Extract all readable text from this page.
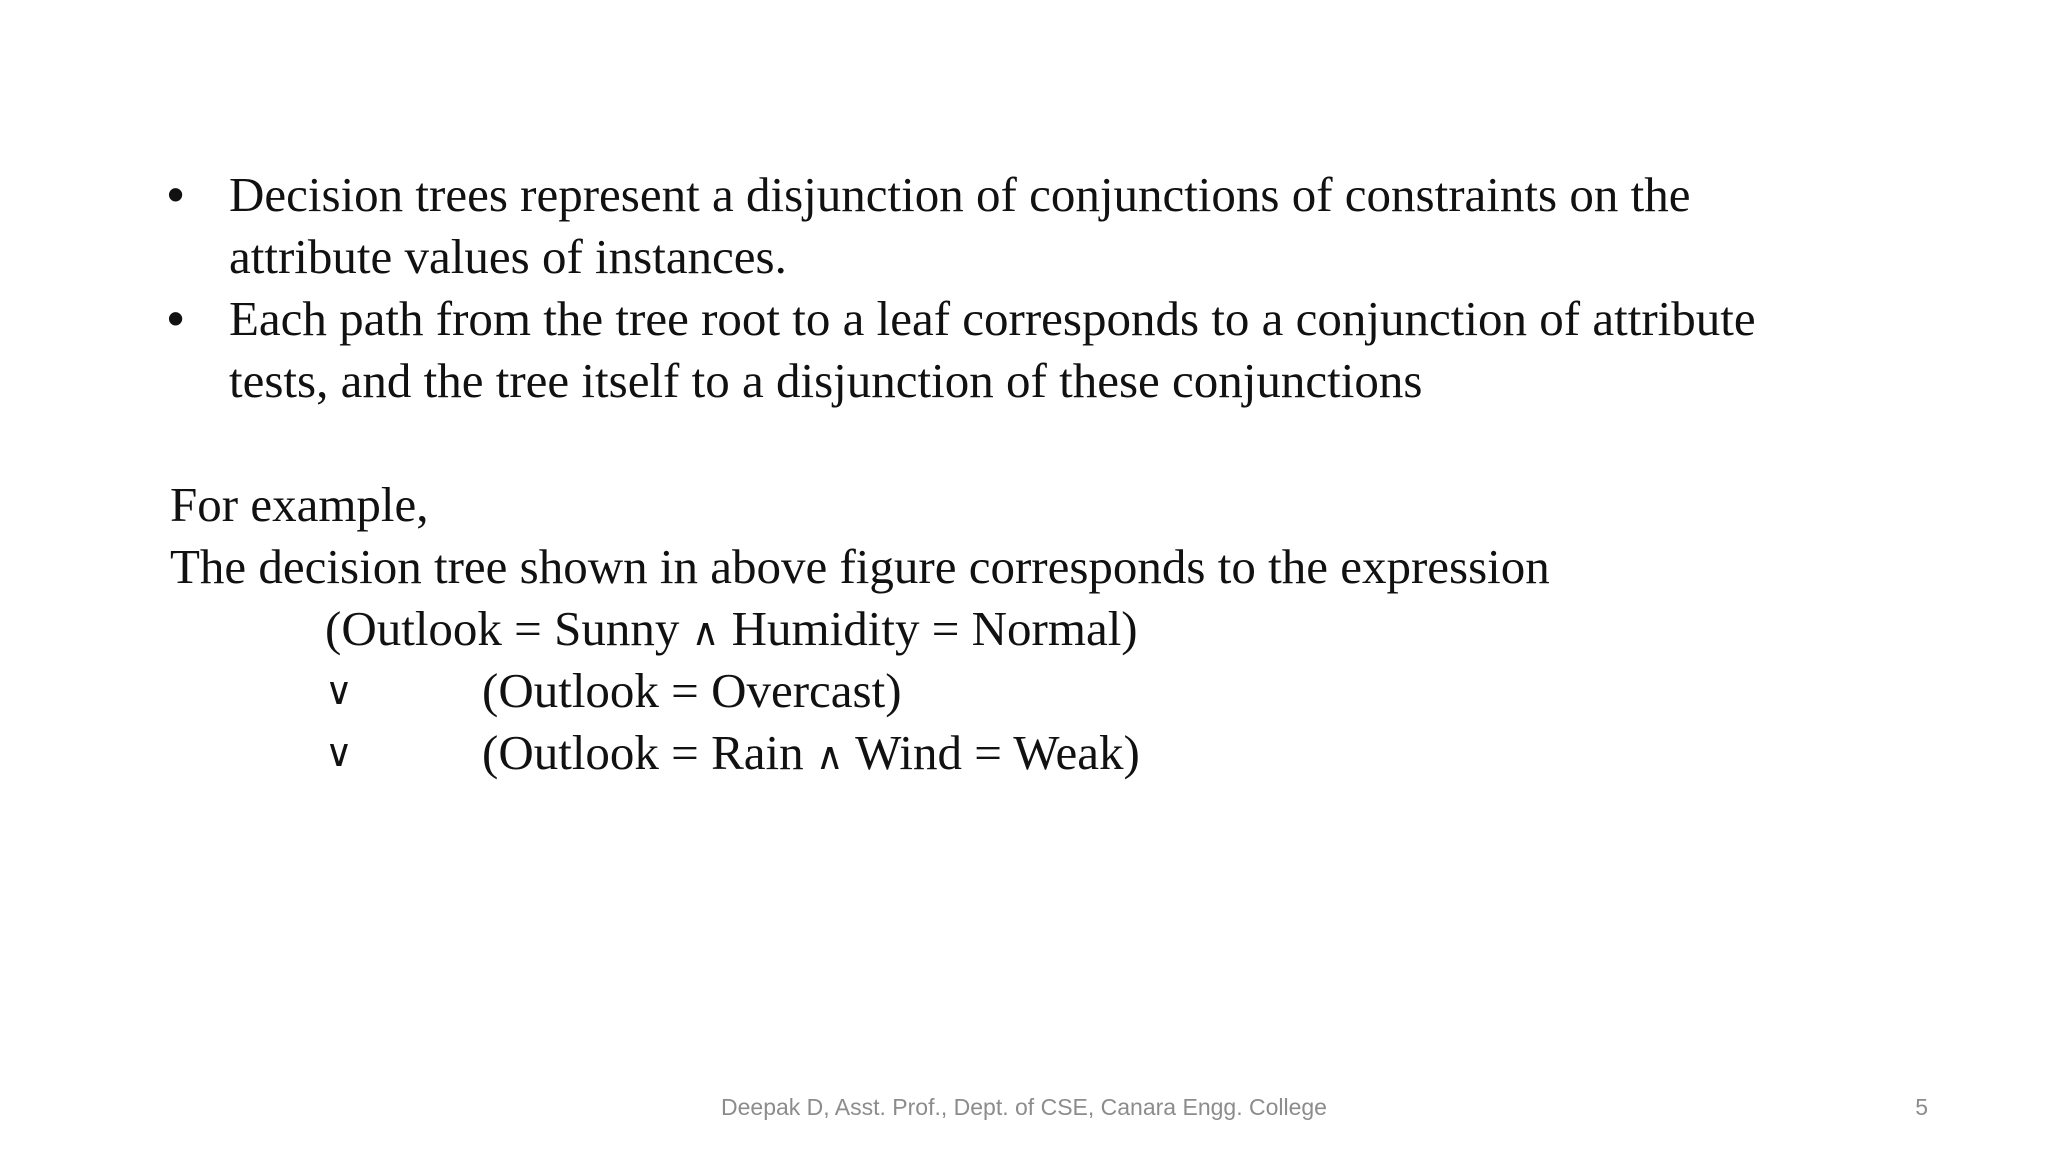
• Decision trees represent a disjunction of conjunctions of constraints on the
attribute values of instances.
• Each path from the tree root to a leaf corresponds to a conjunction of attribute
tests, and the tree itself to a disjunction of these conjunctions
For example,
The decision tree shown in above figure corresponds to the expression
(Outlook = Sunny ∧ Humidity = Normal)
∨	(Outlook = Overcast)
∨	(Outlook = Rain ∧ Wind = Weak)
Deepak D, Asst. Prof., Dept. of CSE, Canara Engg. College	5
